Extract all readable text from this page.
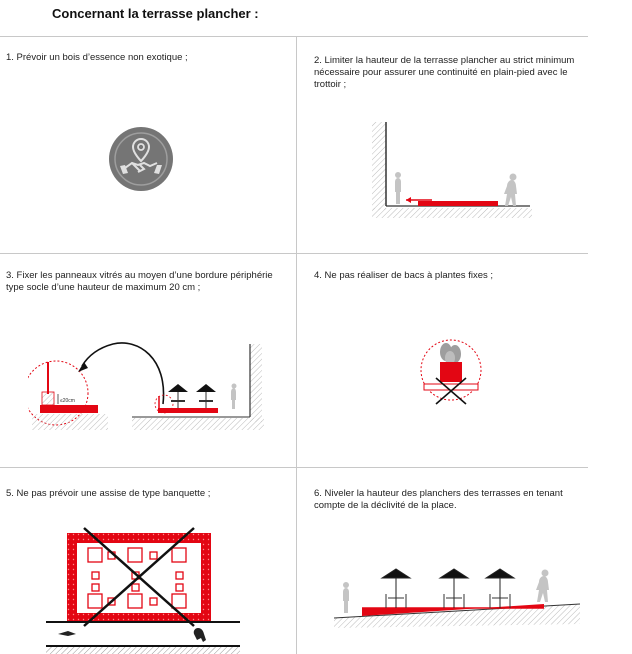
Concernant la terrasse plancher :
1. Prévoir un bois d’essence non exotique ;	2. Limiter la hauteur de la terrasse plancher au strict minimum nécessaire pour assurer une continuité en plain-pied avec le trottoir ;
3. Fixer les panneaux vitrés au moyen d’une bordure périphérie type socle d’une hauteur de maximum 20 cm ;
4. Ne pas réaliser de bacs à plantes fixes ;
5. Ne pas prévoir une assise de type banquette ;	6. Niveler la hauteur des planchers des terrasses en tenant compte de la déclivité de la place.
≤20cm
